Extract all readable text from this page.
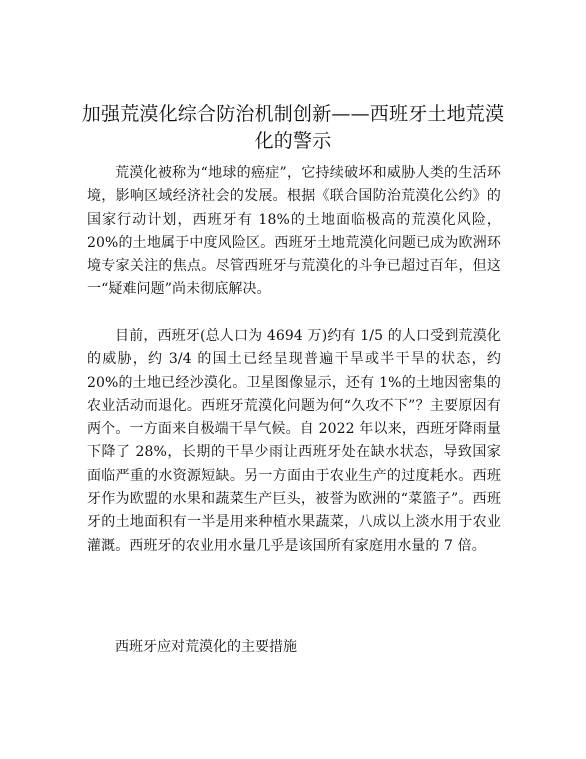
加强荒漠化综合防治机制创新——西班牙土地荒漠化的警示

荒漠化被称为“地球的癌症”，它持续破坏和威胁人类的生活环境，影响区域经济社会的发展。根据《联合国防治荒漠化公约》的国家行动计划，西班牙有 18%的土地面临极高的荒漠化风险，20%的土地属于中度风险区。西班牙土地荒漠化问题已成为欧洲环境专家关注的焦点。尽管西班牙与荒漠化的斗争已超过百年，但这一“疑难问题”尚未彻底解决。

目前，西班牙(总人口为 4694 万)约有 1/5 的人口受到荒漠化的威胁，约 3/4 的国土已经呈现普遍干旱或半干旱的状态，约 20%的土地已经沙漠化。卫星图像显示，还有 1%的土地因密集的农业活动而退化。西班牙荒漠化问题为何“久攻不下”？主要原因有两个。一方面来自极端干旱气候。自 2022 年以来，西班牙降雨量下降了 28%，长期的干旱少雨让西班牙处在缺水状态，导致国家面临严重的水资源短缺。另一方面由于农业生产的过度耗水。西班牙作为欧盟的水果和蔬菜生产巨头，被誉为欧洲的“菜篮子”。西班牙的土地面积有一半是用来种植水果蔬菜，八成以上淡水用于农业灌溉。西班牙的农业用水量几乎是该国所有家庭用水量的 7 倍。

西班牙应对荒漠化的主要措施
